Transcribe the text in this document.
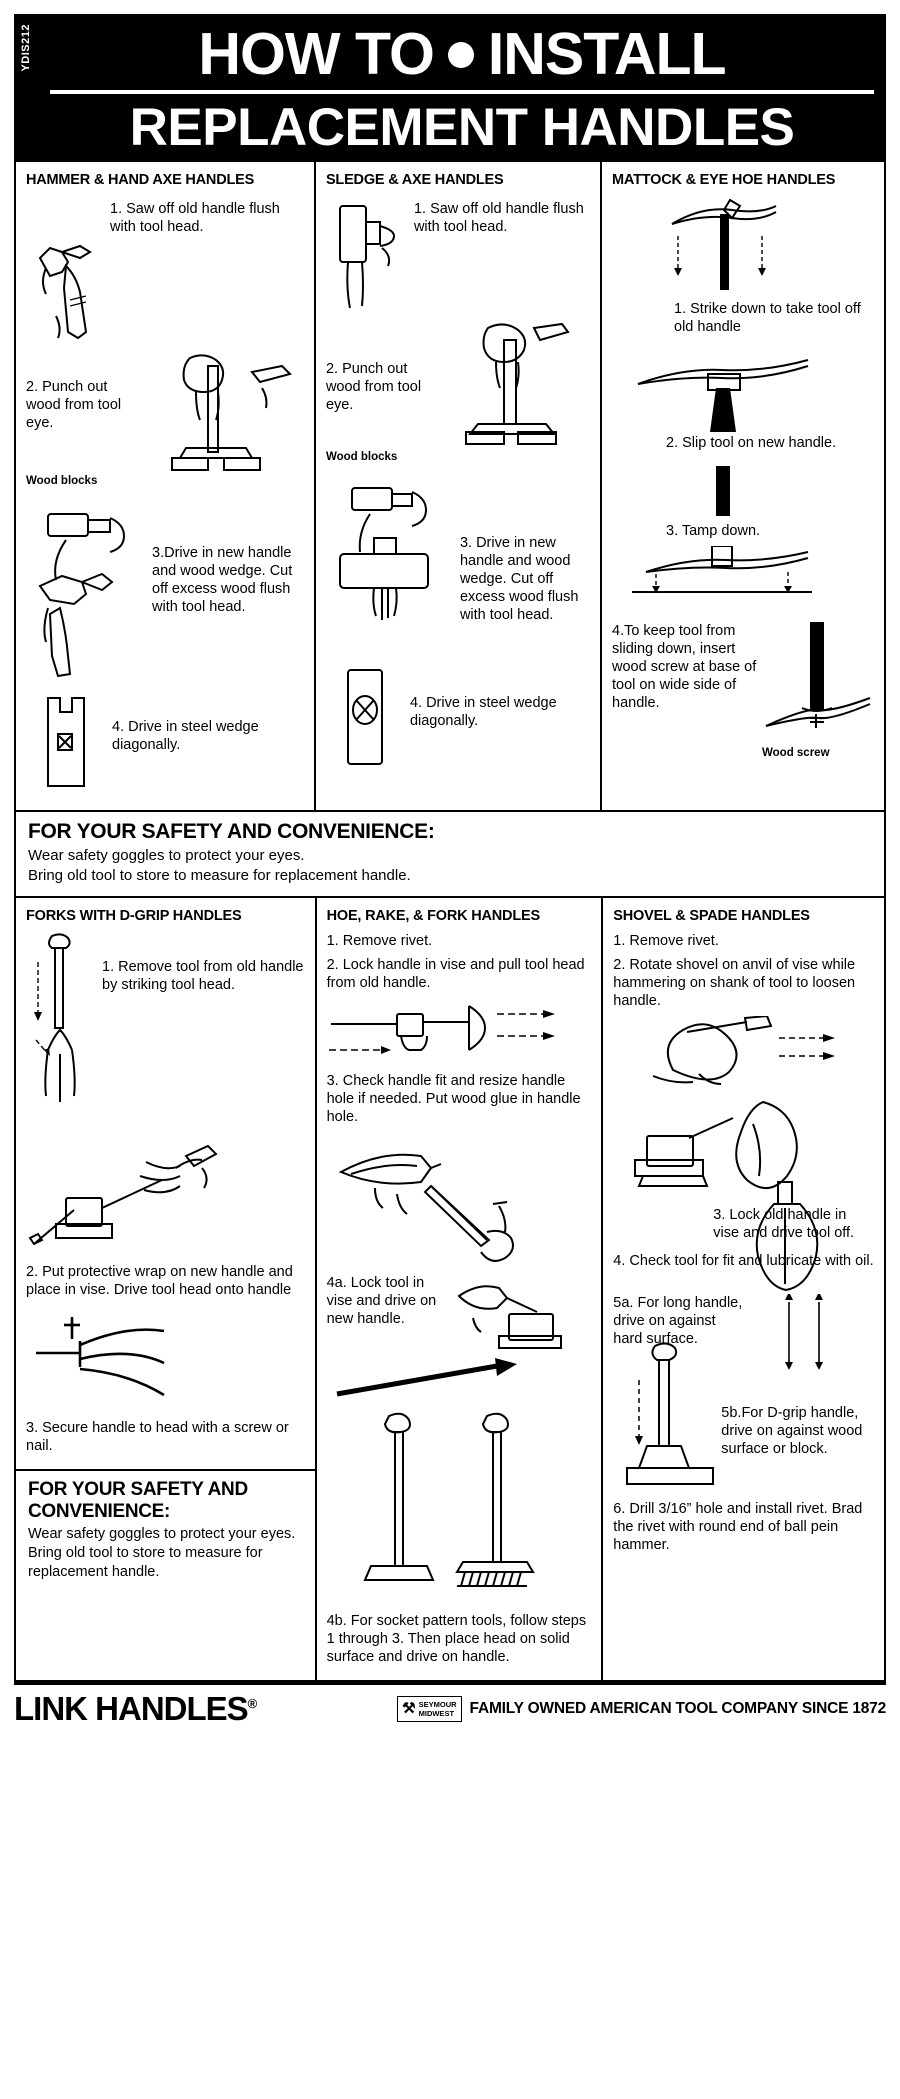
YDIS212	HOW TO INSTALL
REPLACEMENT HANDLES
HAMMER & HAND AXE HANDLES
1. Saw off old handle flush with tool head.
2. Punch out wood from tool eye.
Wood blocks
3.Drive in new handle and wood wedge. Cut off excess wood flush with tool head.
4. Drive in steel wedge diagonally.
SLEDGE & AXE HANDLES
1. Saw off old handle flush with tool head.
2. Punch out wood from tool eye.
Wood blocks
3. Drive in new handle and wood wedge. Cut off excess wood flush with tool head.
4. Drive in steel wedge diagonally.
MATTOCK & EYE HOE HANDLES
1. Strike down to take tool off old handle
2. Slip tool on new handle.
3. Tamp down.
4.To keep tool from sliding down, insert wood screw at base of tool on wide side of handle.
Wood screw
FOR YOUR SAFETY AND CONVENIENCE:

Wear safety goggles to protect your eyes.

Bring old tool to store to measure for replacement handle.

FORKS WITH D-GRIP HANDLES
1. Remove tool from old handle by striking tool head.
2. Put protective wrap on new handle and place in vise. Drive tool head onto handle
3. Secure handle to head with a screw or nail.
FOR YOUR SAFETY AND CONVENIENCE:

Wear safety goggles to protect your eyes. Bring old tool to store to measure for replacement handle.

HOE, RAKE, & FORK HANDLES
1. Remove rivet.
2. Lock handle in vise and pull tool head from old handle.
3. Check handle fit and resize handle hole if needed. Put wood glue in handle hole.
4a. Lock tool in vise and drive on new handle.
4b. For socket pattern tools, follow steps 1 through 3. Then place head on solid surface and drive on handle.
SHOVEL & SPADE HANDLES
1. Remove rivet.
2. Rotate shovel on anvil of vise while hammering on shank of tool to loosen handle.
3. Lock old handle in vise and drive tool off.
4. Check tool for fit and lubricate with oil.
5a. For long handle, drive on against hard surface.
5b.For D-grip handle, drive on against wood surface or block.
6. Drill 3/16” hole and install rivet. Brad the rivet with round end of ball pein hammer.
LINK HANDLES®	⚒ SEYMOUR
MIDWEST FAMILY OWNED AMERICAN TOOL COMPANY SINCE 1872
